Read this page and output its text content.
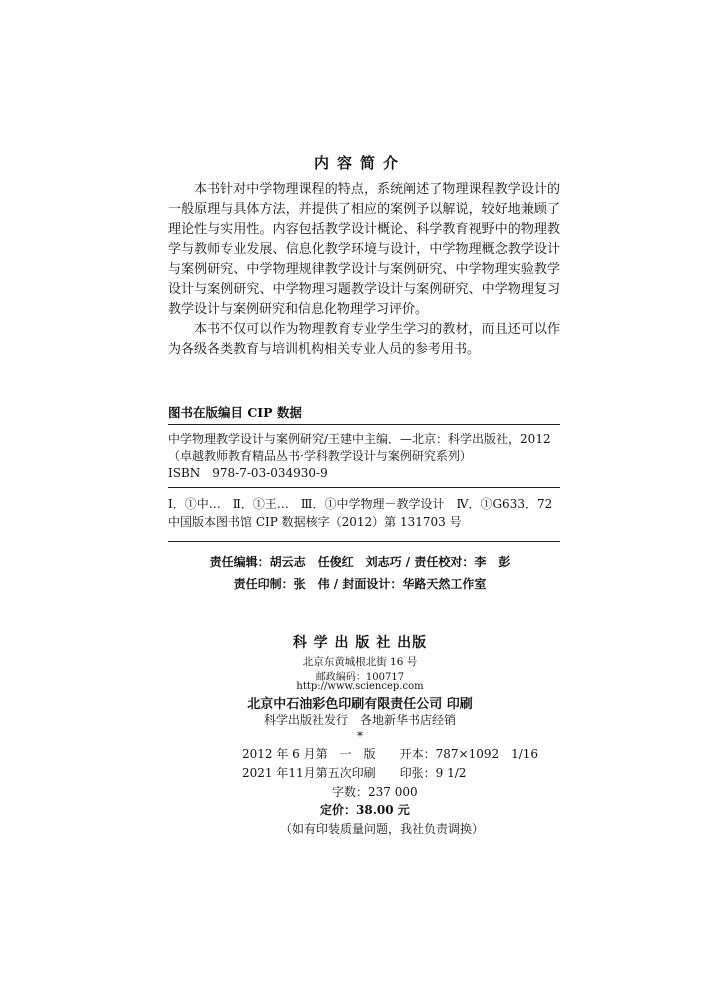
内容简介

本书针对中学物理课程的特点，系统阐述了物理课程教学设计的一般原理与具体方法，并提供了相应的案例予以解说，较好地兼顾了理论性与实用性。内容包括教学设计概论、科学教育视野中的物理教学与教师专业发展、信息化教学环境与设计，中学物理概念教学设计与案例研究、中学物理规律教学设计与案例研究、中学物理实验教学设计与案例研究、中学物理习题教学设计与案例研究、中学物理复习教学设计与案例研究和信息化物理学习评价。

本书不仅可以作为物理教育专业学生学习的教材，而且还可以作为各级各类教育与培训机构相关专业人员的参考用书。

图书在版编目 CIP 数据
中学物理教学设计与案例研究/王建中主编．—北京：科学出版社，2012
（卓越教师教育精品丛书·学科教学设计与案例研究系列）
ISBN　978-7-03-034930-9
Ⅰ．①中…　Ⅱ．①王…　Ⅲ．①中学物理－教学设计　Ⅳ．①G633．72
中国版本图书馆 CIP 数据核字（2012）第 131703 号
责任编辑：胡云志　任俊红　刘志巧 / 责任校对：李　彭
责任印制：张　伟 / 封面设计：华路天然工作室
科 学 出 版 社 出版
北京东黄城根北街 16 号
邮政编码：100717
http://www.sciencep.com
北京中石油彩色印刷有限责任公司 印刷
科学出版社发行　各地新华书店经销
*
2012 年 6 月第　一　版　　开本：787×1092　1/16
2021 年11月第五次印刷　　印张：9 1/2
字数：237 000
定价：38.00 元
（如有印装质量问题，我社负责调换）
